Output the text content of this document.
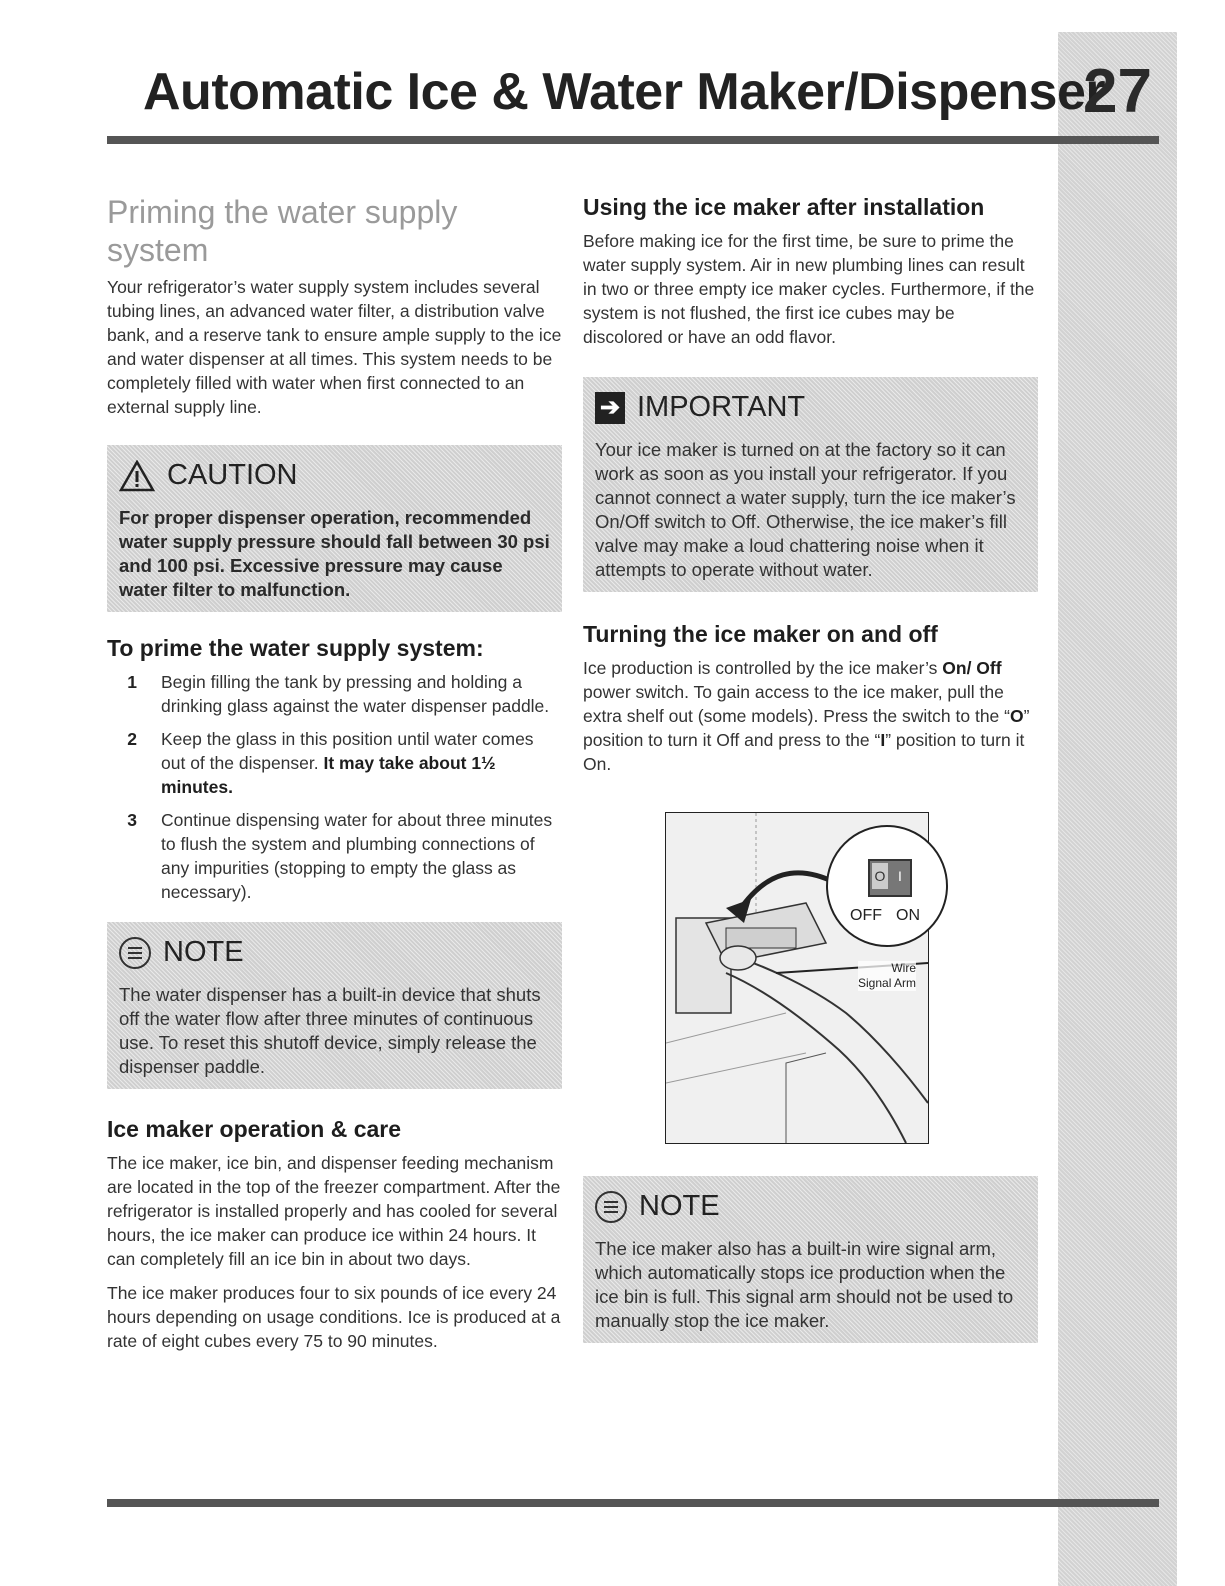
Automatic Ice & Water Maker/Dispenser
27
Priming the water supply system

Your refrigerator’s water supply system includes several tubing lines, an advanced water filter, a distribution valve bank, and a reserve tank to ensure ample supply to the ice and water dispenser at all times. This system needs to be completely filled with water when first connected to an external supply line.

CAUTION

For proper dispenser operation, recommended water supply pressure should fall between 30 psi and 100 psi. Excessive pressure may cause water filter to malfunction.

To prime the water supply system:
1	Begin filling the tank by pressing and holding a drinking glass against the water dispenser paddle.
2	Keep the glass in this position until water comes out of the dispenser. It may take about 1½ minutes.
3	Continue dispensing water for about three minutes to flush the system and plumbing connections of any impurities (stopping to empty the glass as necessary).
NOTE

The water dispenser has a built-in device that shuts off the water flow after three minutes of continuous use. To reset this shutoff device, simply release the dispenser paddle.

Ice maker operation & care

The ice maker, ice bin, and dispenser feeding mechanism are located in the top of the freezer compartment. After the refrigerator is installed properly and has cooled for several hours, the ice maker can produce ice within 24 hours. It can completely fill an ice bin in about two days.

The ice maker produces four to six pounds of ice every 24 hours depending on usage conditions. Ice is produced at a rate of eight cubes every 75 to 90 minutes.

Using the ice maker after installation

Before making ice for the first time, be sure to prime the water supply system. Air in new plumbing lines can result in two or three empty ice maker cycles. Furthermore, if the system is not flushed, the first ice cubes may be discolored or have an odd flavor.

➔ IMPORTANT

Your ice maker is turned on at the factory so it can work as soon as you install your refrigerator. If you cannot connect a water supply, turn the ice maker’s On/Off switch to Off. Otherwise, the ice maker’s fill valve may make a loud chattering noise when it attempts to operate without water.

Turning the ice maker on and off

Ice production is controlled by the ice maker’s On/ Off power switch. To gain access to the ice maker, pull the extra shelf out (some models). Press the switch to the “O” position to turn it Off and press to the “I” position to turn it On.

O I
OFF ON
Wire
Signal Arm
NOTE

The ice maker also has a built-in wire signal arm, which automatically stops ice production when the ice bin is full. This signal arm should not be used to manually stop the ice maker.
